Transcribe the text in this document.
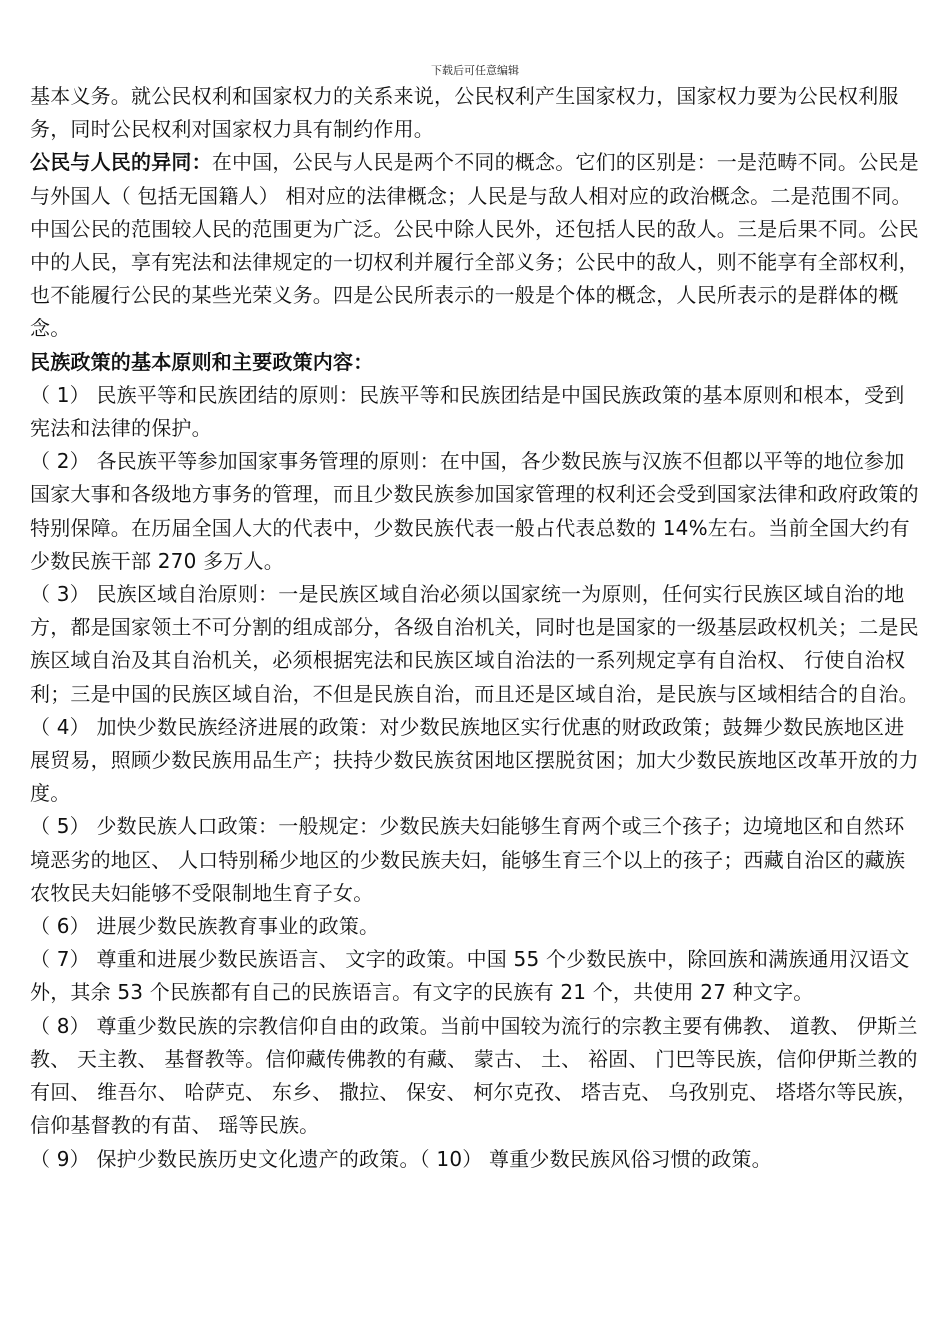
下载后可任意编辑

基本义务。就公民权利和国家权力的关系来说，公民权利产生国家权力，国家权力要为公民权利服务，同时公民权利对国家权力具有制约作用。

公民与人民的异同：在中国，公民与人民是两个不同的概念。它们的区别是：一是范畴不同。公民是与外国人（ 包括无国籍人） 相对应的法律概念；人民是与敌人相对应的政治概念。二是范围不同。中国公民的范围较人民的范围更为广泛。公民中除人民外，还包括人民的敌人。三是后果不同。公民中的人民，享有宪法和法律规定的一切权利并履行全部义务；公民中的敌人，则不能享有全部权利，也不能履行公民的某些光荣义务。四是公民所表示的一般是个体的概念，人民所表示的是群体的概念。

民族政策的基本原则和主要政策内容：

（ 1） 民族平等和民族团结的原则：民族平等和民族团结是中国民族政策的基本原则和根本，受到宪法和法律的保护。

（ 2） 各民族平等参加国家事务管理的原则：在中国，各少数民族与汉族不但都以平等的地位参加国家大事和各级地方事务的管理，而且少数民族参加国家管理的权利还会受到国家法律和政府政策的特别保障。在历届全国人大的代表中，少数民族代表一般占代表总数的 14%左右。当前全国大约有少数民族干部 270 多万人。

（ 3） 民族区域自治原则：一是民族区域自治必须以国家统一为原则，任何实行民族区域自治的地方，都是国家领土不可分割的组成部分，各级自治机关，同时也是国家的一级基层政权机关；二是民族区域自治及其自治机关，必须根据宪法和民族区域自治法的一系列规定享有自治权、 行使自治权利；三是中国的民族区域自治，不但是民族自治，而且还是区域自治，是民族与区域相结合的自治。

（ 4） 加快少数民族经济进展的政策：对少数民族地区实行优惠的财政政策；鼓舞少数民族地区进展贸易，照顾少数民族用品生产；扶持少数民族贫困地区摆脱贫困；加大少数民族地区改革开放的力度。

（ 5） 少数民族人口政策：一般规定：少数民族夫妇能够生育两个或三个孩子；边境地区和自然环境恶劣的地区、 人口特别稀少地区的少数民族夫妇，能够生育三个以上的孩子；西藏自治区的藏族农牧民夫妇能够不受限制地生育子女。

（ 6） 进展少数民族教育事业的政策。

（ 7） 尊重和进展少数民族语言、 文字的政策。中国 55 个少数民族中，除回族和满族通用汉语文外，其余 53 个民族都有自己的民族语言。有文字的民族有 21 个，共使用 27 种文字。

（ 8） 尊重少数民族的宗教信仰自由的政策。当前中国较为流行的宗教主要有佛教、 道教、 伊斯兰教、 天主教、 基督教等。信仰藏传佛教的有藏、 蒙古、 土、 裕固、 门巴等民族，信仰伊斯兰教的有回、 维吾尔、 哈萨克、 东乡、 撒拉、 保安、 柯尔克孜、 塔吉克、 乌孜别克、 塔塔尔等民族，信仰基督教的有苗、 瑶等民族。

（ 9） 保护少数民族历史文化遗产的政策。（ 10） 尊重少数民族风俗习惯的政策。
